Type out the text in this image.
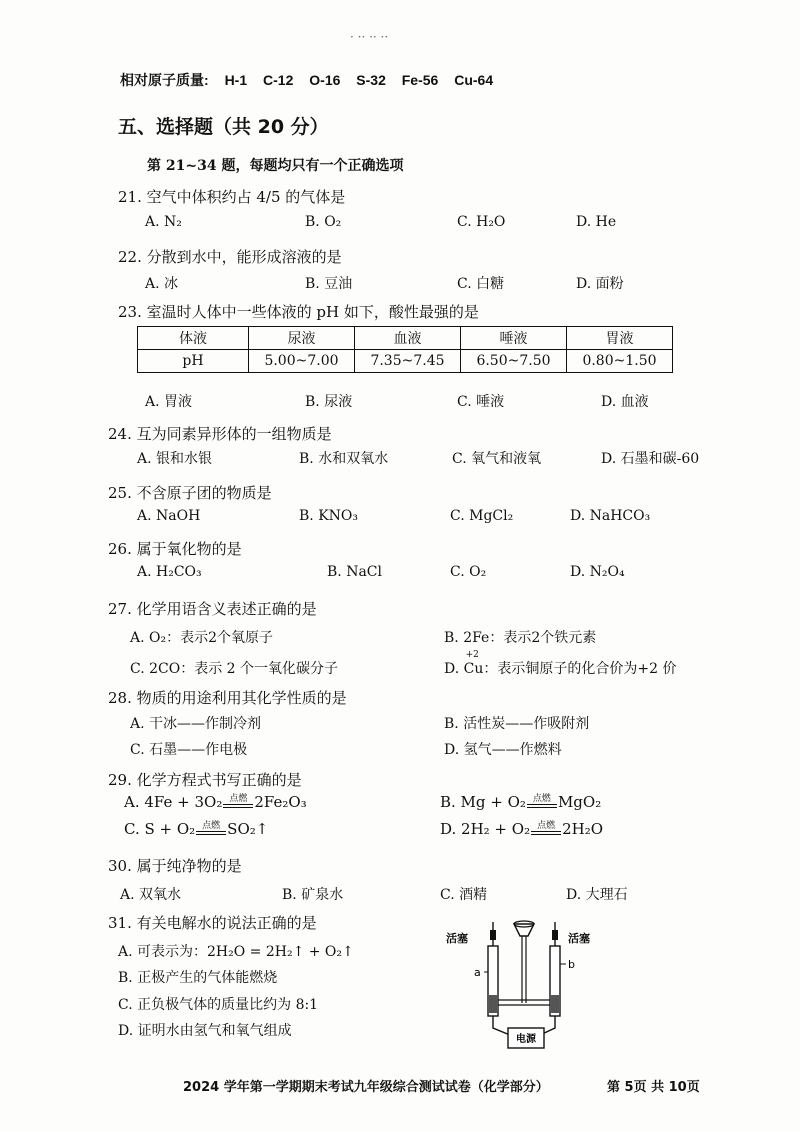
· ·· ·· ··
相对原子质量: H-1 C-12 O-16 S-32 Fe-56 Cu-64
五、选择题（共 20 分）
第 21~34 题，每题均只有一个正确选项
21. 空气中体积约占 4/5 的气体是
A. N₂	B. O₂	C. H₂O	D. He
22. 分散到水中，能形成溶液的是
A. 冰	B. 豆油	C. 白糖	D. 面粉
23. 室温时人体中一些体液的 pH 如下，酸性最强的是
体液	尿液	血液	唾液	胃液
pH	5.00~7.00	7.35~7.45	6.50~7.50	0.80~1.50
A. 胃液	B. 尿液	C. 唾液	D. 血液
24. 互为同素异形体的一组物质是
A. 银和水银	B. 水和双氧水	C. 氧气和液氧	D. 石墨和碳-60
25. 不含原子团的物质是
A. NaOH	B. KNO₃	C. MgCl₂	D. NaHCO₃
26. 属于氧化物的是
A. H₂CO₃	B. NaCl	C. O₂	D. N₂O₄
27. 化学用语含义表述正确的是
A. O₂：表示2个氧原子	B. 2Fe：表示2个铁元素
C. 2CO：表示 2 个一氧化碳分子	D.
+2
Cu：表示铜原子的化合价为+2 价
28. 物质的用途利用其化学性质的是
A. 干冰——作制冷剂	B. 活性炭——作吸附剂
C. 石墨——作电极	D. 氢气——作燃料
29. 化学方程式书写正确的是
A. 4Fe + 3O₂ 点燃 2Fe₂O₃	B. Mg + O₂ 点燃 MgO₂
C. S + O₂ 点燃 SO₂↑	D. 2H₂ + O₂ 点燃 2H₂O
30. 属于纯净物的是
A. 双氧水	B. 矿泉水	C. 酒精	D. 大理石
31. 有关电解水的说法正确的是
A. 可表示为：2H₂O = 2H₂↑ + O₂↑
B. 正极产生的气体能燃烧
C. 正负极气体的质量比约为 8:1
D. 证明水由氢气和氧气组成
电源
活塞	活塞
a
b
2024 学年第一学期期末考试九年级综合测试试卷（化学部分）	第 5页 共 10页
